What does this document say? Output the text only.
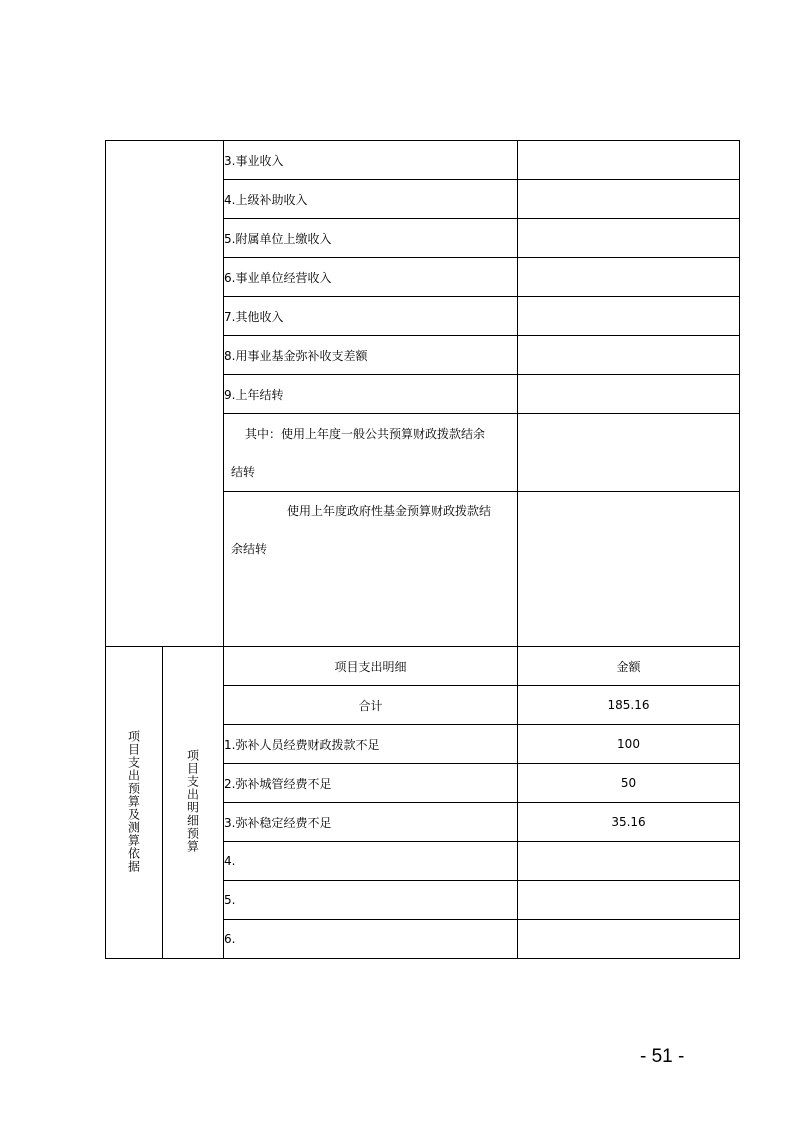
		3.事业收入	
		4.上级补助收入	
		5.附属单位上缴收入	
		6.事业单位经营收入	
		7.其他收入	
		8.用事业基金弥补收支差额	
		9.上年结转	

		其中：使用上年度一般公共预算财政拨款结余
结转	

		使用上年度政府性基金预算财政拨款结
余结转	

项目支出预算及测算依据	项目支出明细预算	项目支出明细	金额
		合计	185.16
		1.弥补人员经费财政拨款不足	100
		2.弥补城管经费不足	50
		3.弥补稳定经费不足	35.16
		4.	
		5.	
		6.	
- 51 -
